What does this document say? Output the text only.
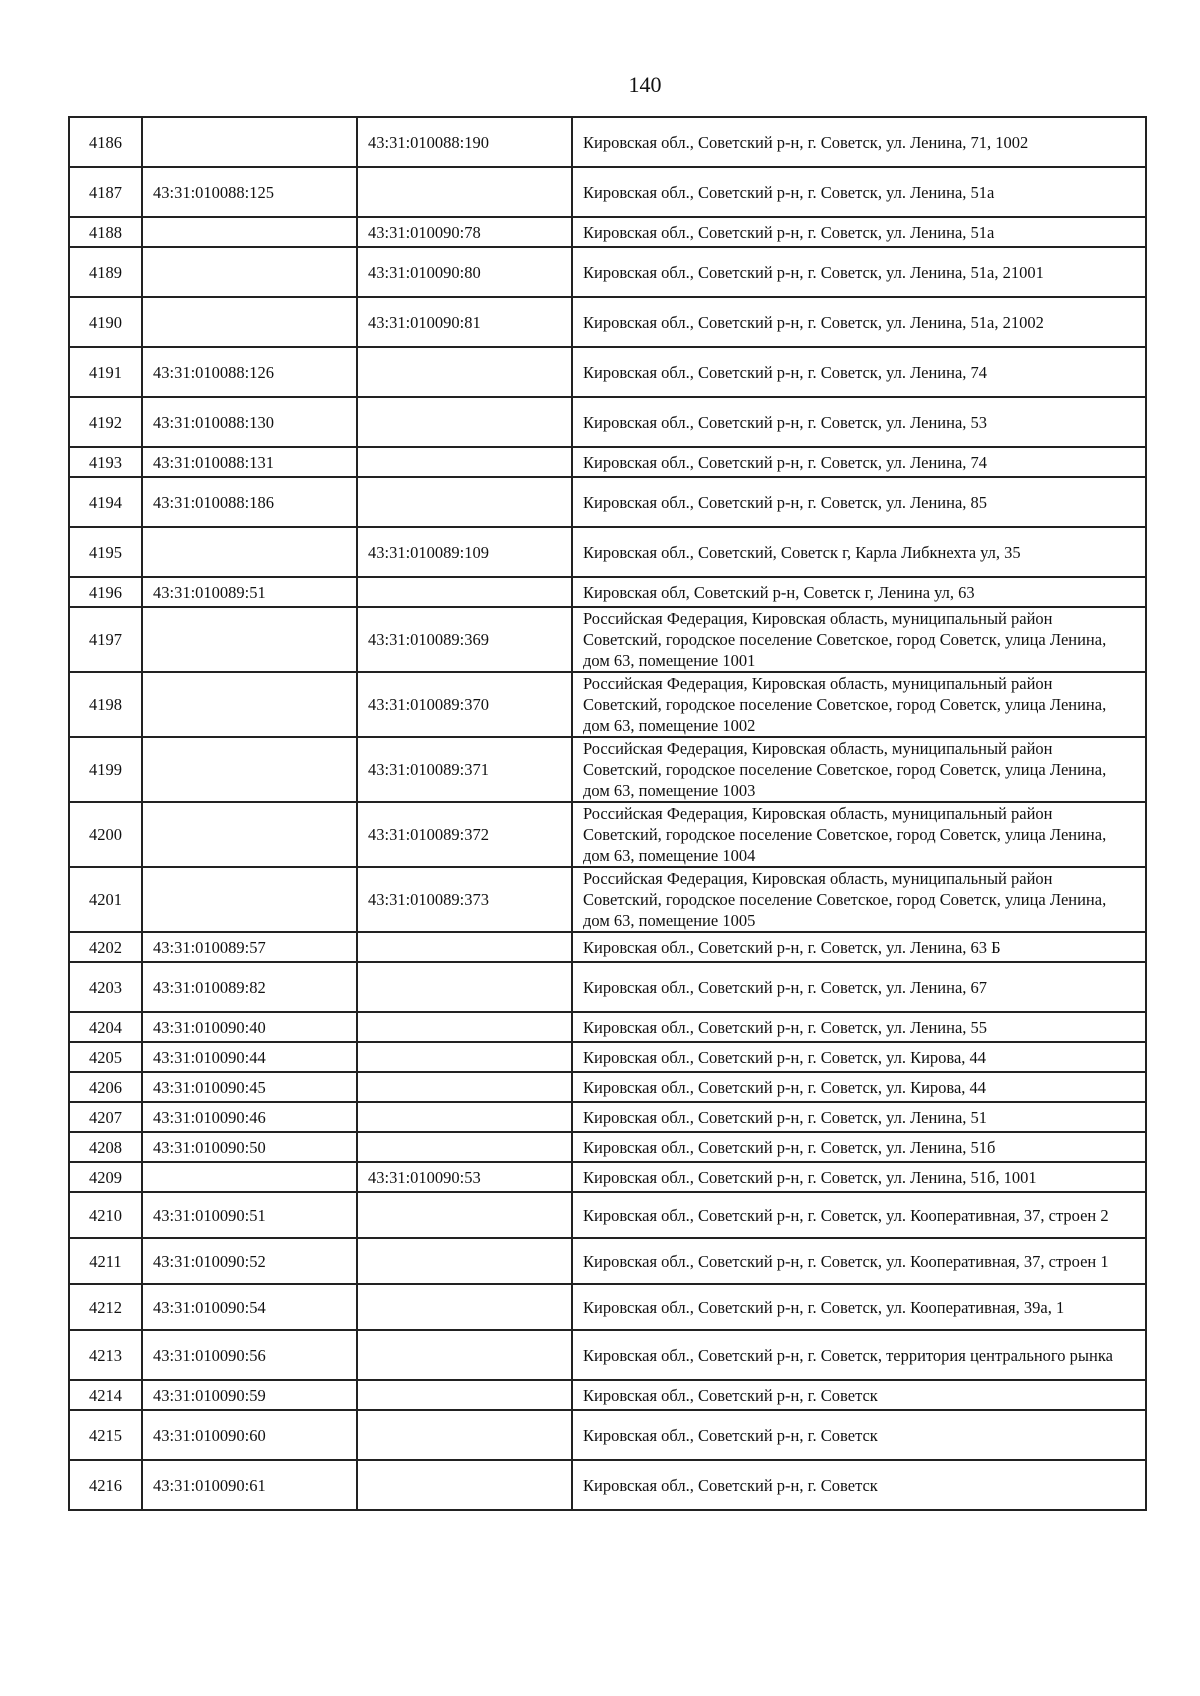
140
4186		43:31:010088:190	Кировская обл., Советский р-н, г. Советск, ул. Ленина, 71, 1002
4187	43:31:010088:125		Кировская обл., Советский р-н, г. Советск, ул. Ленина, 51а
4188		43:31:010090:78	Кировская обл., Советский р-н, г. Советск, ул. Ленина, 51а
4189		43:31:010090:80	Кировская обл., Советский р-н, г. Советск, ул. Ленина, 51а, 21001
4190		43:31:010090:81	Кировская обл., Советский р-н, г. Советск, ул. Ленина, 51а, 21002
4191	43:31:010088:126		Кировская обл., Советский р-н, г. Советск, ул. Ленина, 74
4192	43:31:010088:130		Кировская обл., Советский р-н, г. Советск, ул. Ленина, 53
4193	43:31:010088:131		Кировская обл., Советский р-н, г. Советск, ул. Ленина, 74
4194	43:31:010088:186		Кировская обл., Советский р-н, г. Советск, ул. Ленина, 85
4195		43:31:010089:109	Кировская обл., Советский, Советск г, Карла Либкнехта ул, 35
4196	43:31:010089:51		Кировская обл, Советский р-н, Советск г, Ленина ул, 63
4197		43:31:010089:369	Российская Федерация, Кировская область, муниципальный район Советский, городское поселение Советское, город Советск, улица Ленина, дом 63, помещение 1001
4198		43:31:010089:370	Российская Федерация, Кировская область, муниципальный район Советский, городское поселение Советское, город Советск, улица Ленина, дом 63, помещение 1002
4199		43:31:010089:371	Российская Федерация, Кировская область, муниципальный район Советский, городское поселение Советское, город Советск, улица Ленина, дом 63, помещение 1003
4200		43:31:010089:372	Российская Федерация, Кировская область, муниципальный район Советский, городское поселение Советское, город Советск, улица Ленина, дом 63, помещение 1004
4201		43:31:010089:373	Российская Федерация, Кировская область, муниципальный район Советский, городское поселение Советское, город Советск, улица Ленина, дом 63, помещение 1005
4202	43:31:010089:57		Кировская обл., Советский р-н, г. Советск, ул. Ленина, 63 Б
4203	43:31:010089:82		Кировская обл., Советский р-н, г. Советск, ул. Ленина, 67
4204	43:31:010090:40		Кировская обл., Советский р-н, г. Советск, ул. Ленина, 55
4205	43:31:010090:44		Кировская обл., Советский р-н, г. Советск, ул. Кирова, 44
4206	43:31:010090:45		Кировская обл., Советский р-н, г. Советск, ул. Кирова, 44
4207	43:31:010090:46		Кировская обл., Советский р-н, г. Советск, ул. Ленина, 51
4208	43:31:010090:50		Кировская обл., Советский р-н, г. Советск, ул. Ленина, 51б
4209		43:31:010090:53	Кировская обл., Советский р-н, г. Советск, ул. Ленина, 51б, 1001
4210	43:31:010090:51		Кировская обл., Советский р-н, г. Советск, ул. Кооперативная, 37, строен 2
4211	43:31:010090:52		Кировская обл., Советский р-н, г. Советск, ул. Кооперативная, 37, строен 1
4212	43:31:010090:54		Кировская обл., Советский р-н, г. Советск, ул. Кооперативная, 39а, 1
4213	43:31:010090:56		Кировская обл., Советский р-н, г. Советск, территория центрального рынка
4214	43:31:010090:59		Кировская обл., Советский р-н, г. Советск
4215	43:31:010090:60		Кировская обл., Советский р-н, г. Советск
4216	43:31:010090:61		Кировская обл., Советский р-н, г. Советск
